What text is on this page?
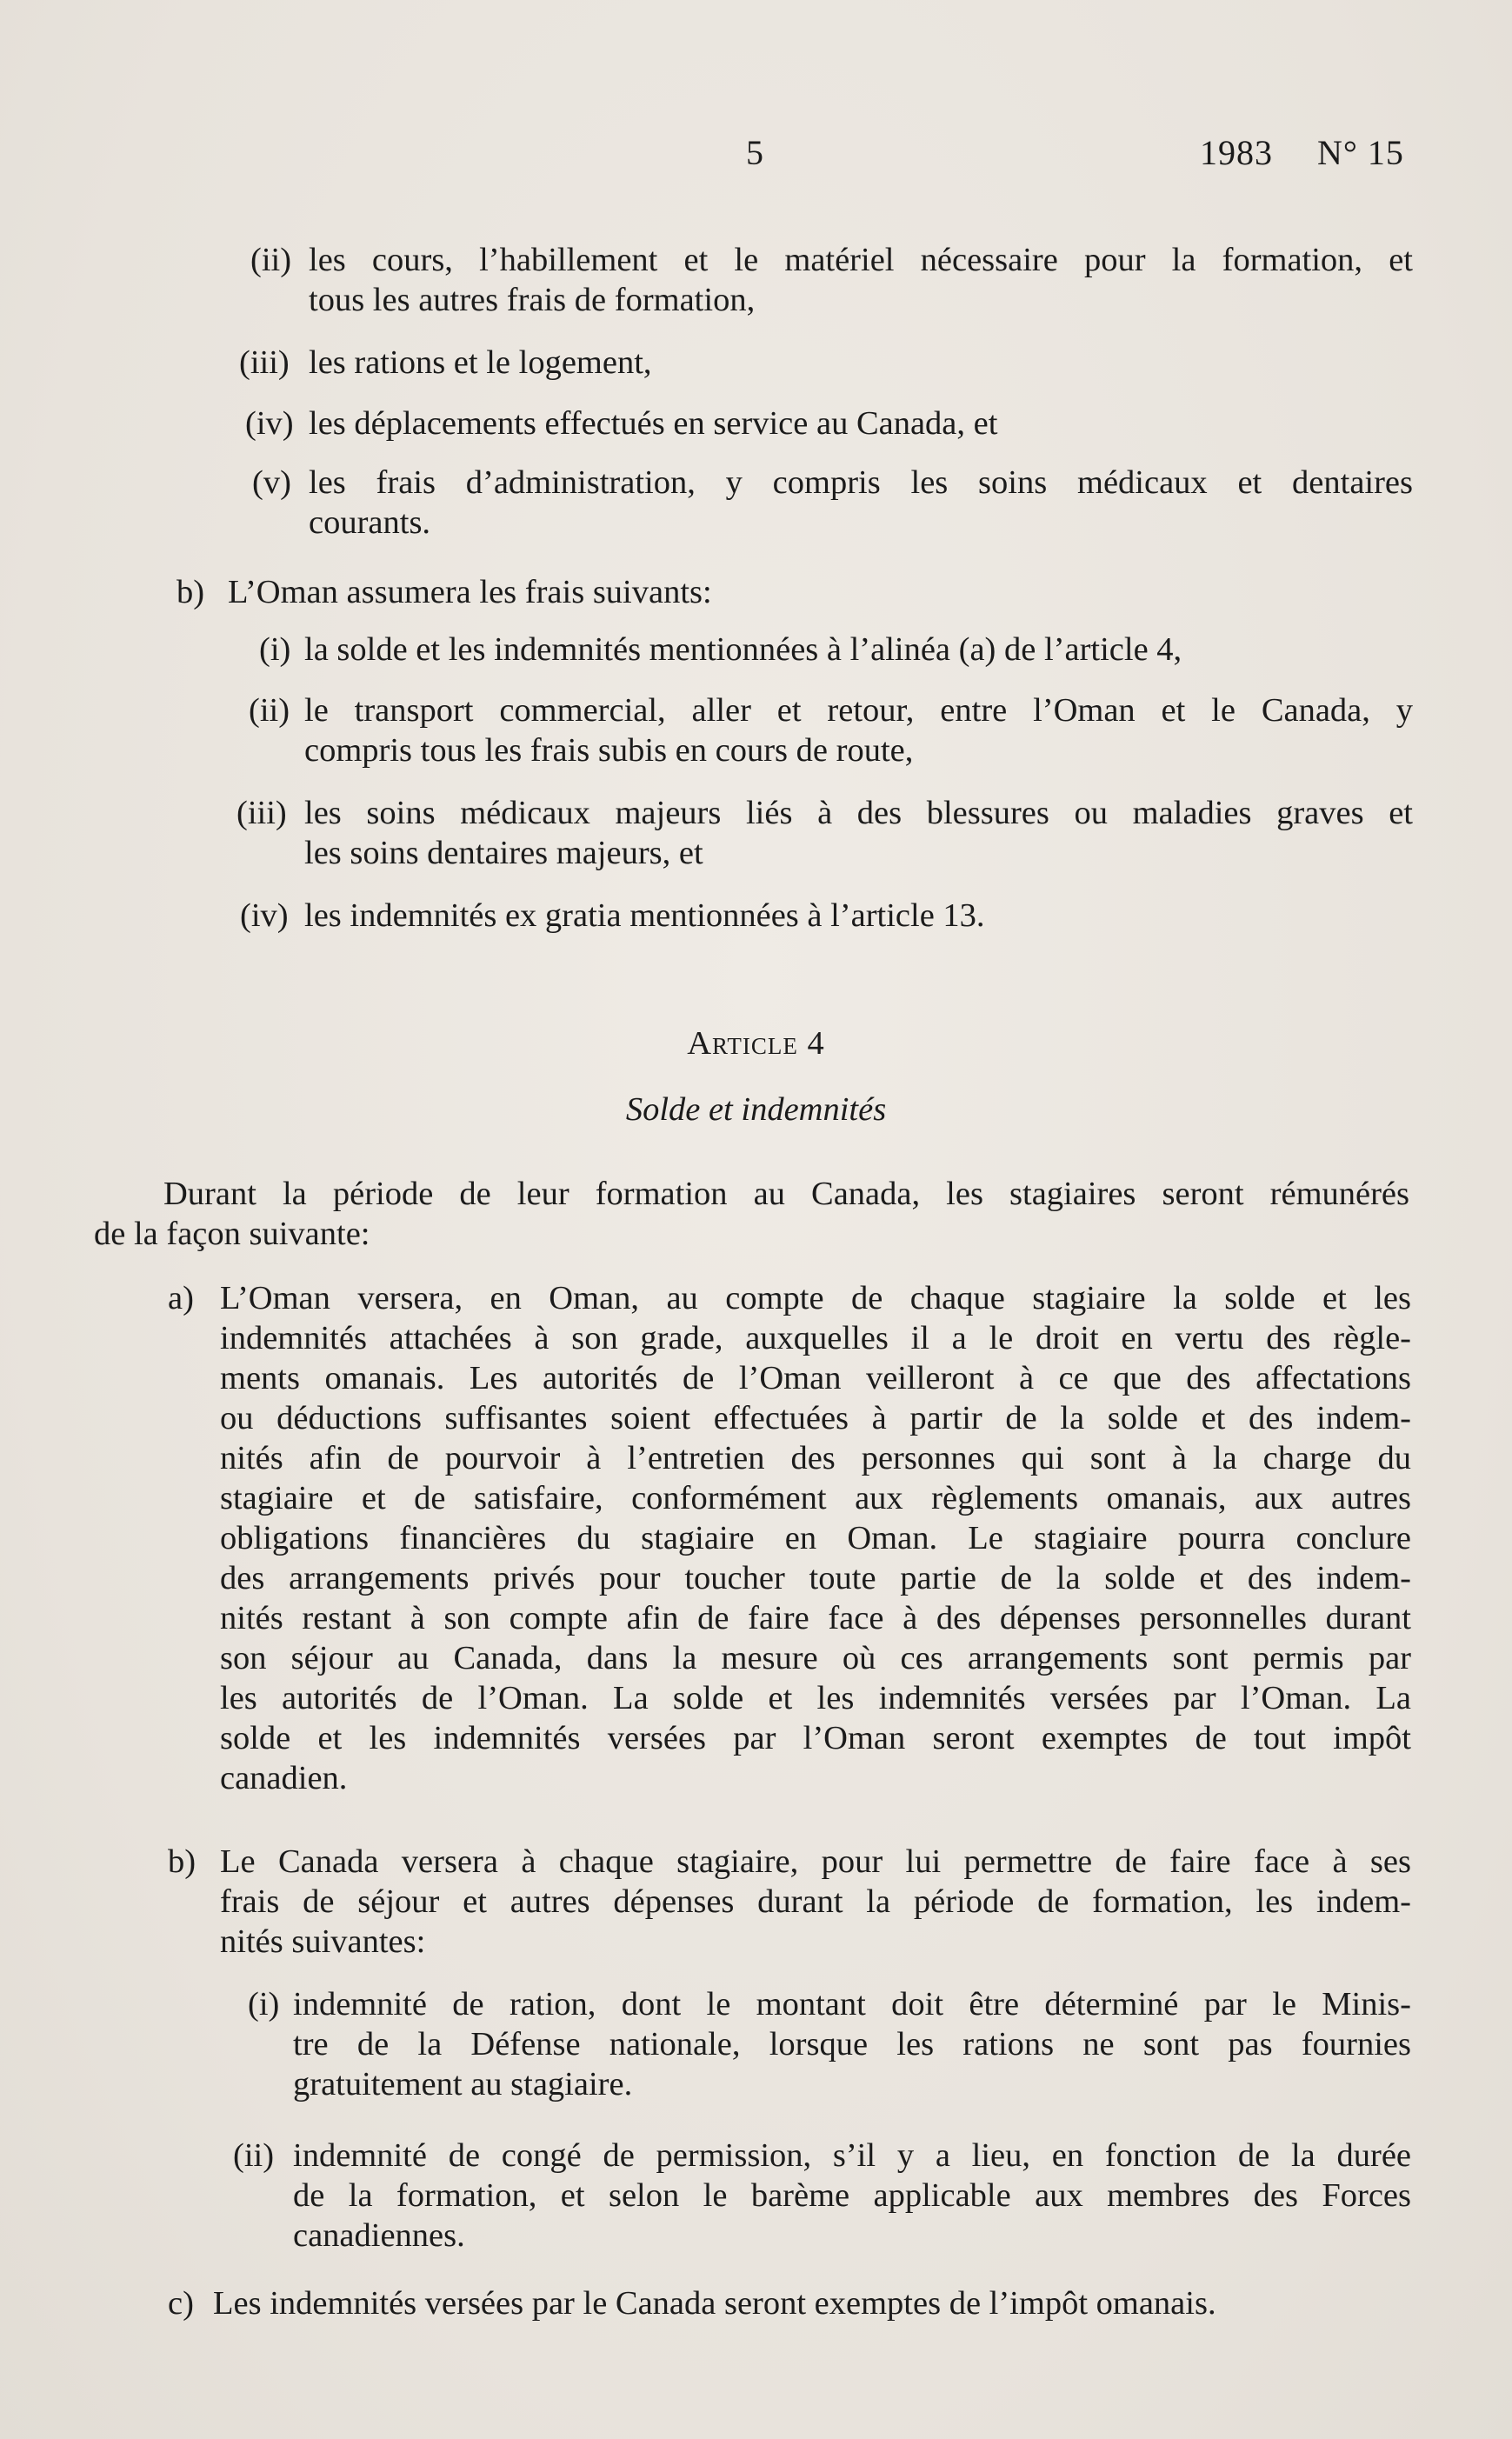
5	1983 N° 15
(ii) les cours, l’habillement et le matériel nécessaire pour la formation, et
tous les autres frais de formation,
(iii) les rations et le logement,
(iv) les déplacements effectués en service au Canada, et
(v) les frais d’administration, y compris les soins médicaux et dentaires
courants.
b) L’Oman assumera les frais suivants:
(i) la solde et les indemnités mentionnées à l’alinéa (a) de l’article 4,
(ii) le transport commercial, aller et retour, entre l’Oman et le Canada, y
compris tous les frais subis en cours de route,
(iii) les soins médicaux majeurs liés à des blessures ou maladies graves et
les soins dentaires majeurs, et
(iv) les indemnités ex gratia mentionnées à l’article 13.
Article 4
Solde et indemnités
Durant la période de leur formation au Canada, les stagiaires seront rémunérés
de la façon suivante:
a) L’Oman versera, en Oman, au compte de chaque stagiaire la solde et les
indemnités attachées à son grade, auxquelles il a le droit en vertu des règle-
ments omanais. Les autorités de l’Oman veilleront à ce que des affectations
ou déductions suffisantes soient effectuées à partir de la solde et des indem-
nités afin de pourvoir à l’entretien des personnes qui sont à la charge du
stagiaire et de satisfaire, conformément aux règlements omanais, aux autres
obligations financières du stagiaire en Oman. Le stagiaire pourra conclure
des arrangements privés pour toucher toute partie de la solde et des indem-
nités restant à son compte afin de faire face à des dépenses personnelles durant
son séjour au Canada, dans la mesure où ces arrangements sont permis par
les autorités de l’Oman. La solde et les indemnités versées par l’Oman. La
solde et les indemnités versées par l’Oman seront exemptes de tout impôt
canadien.
b) Le Canada versera à chaque stagiaire, pour lui permettre de faire face à ses
frais de séjour et autres dépenses durant la période de formation, les indem-
nités suivantes:
(i) indemnité de ration, dont le montant doit être déterminé par le Minis-
tre de la Défense nationale, lorsque les rations ne sont pas fournies
gratuitement au stagiaire.
(ii) indemnité de congé de permission, s’il y a lieu, en fonction de la durée
de la formation, et selon le barème applicable aux membres des Forces
canadiennes.
c) Les indemnités versées par le Canada seront exemptes de l’impôt omanais.
